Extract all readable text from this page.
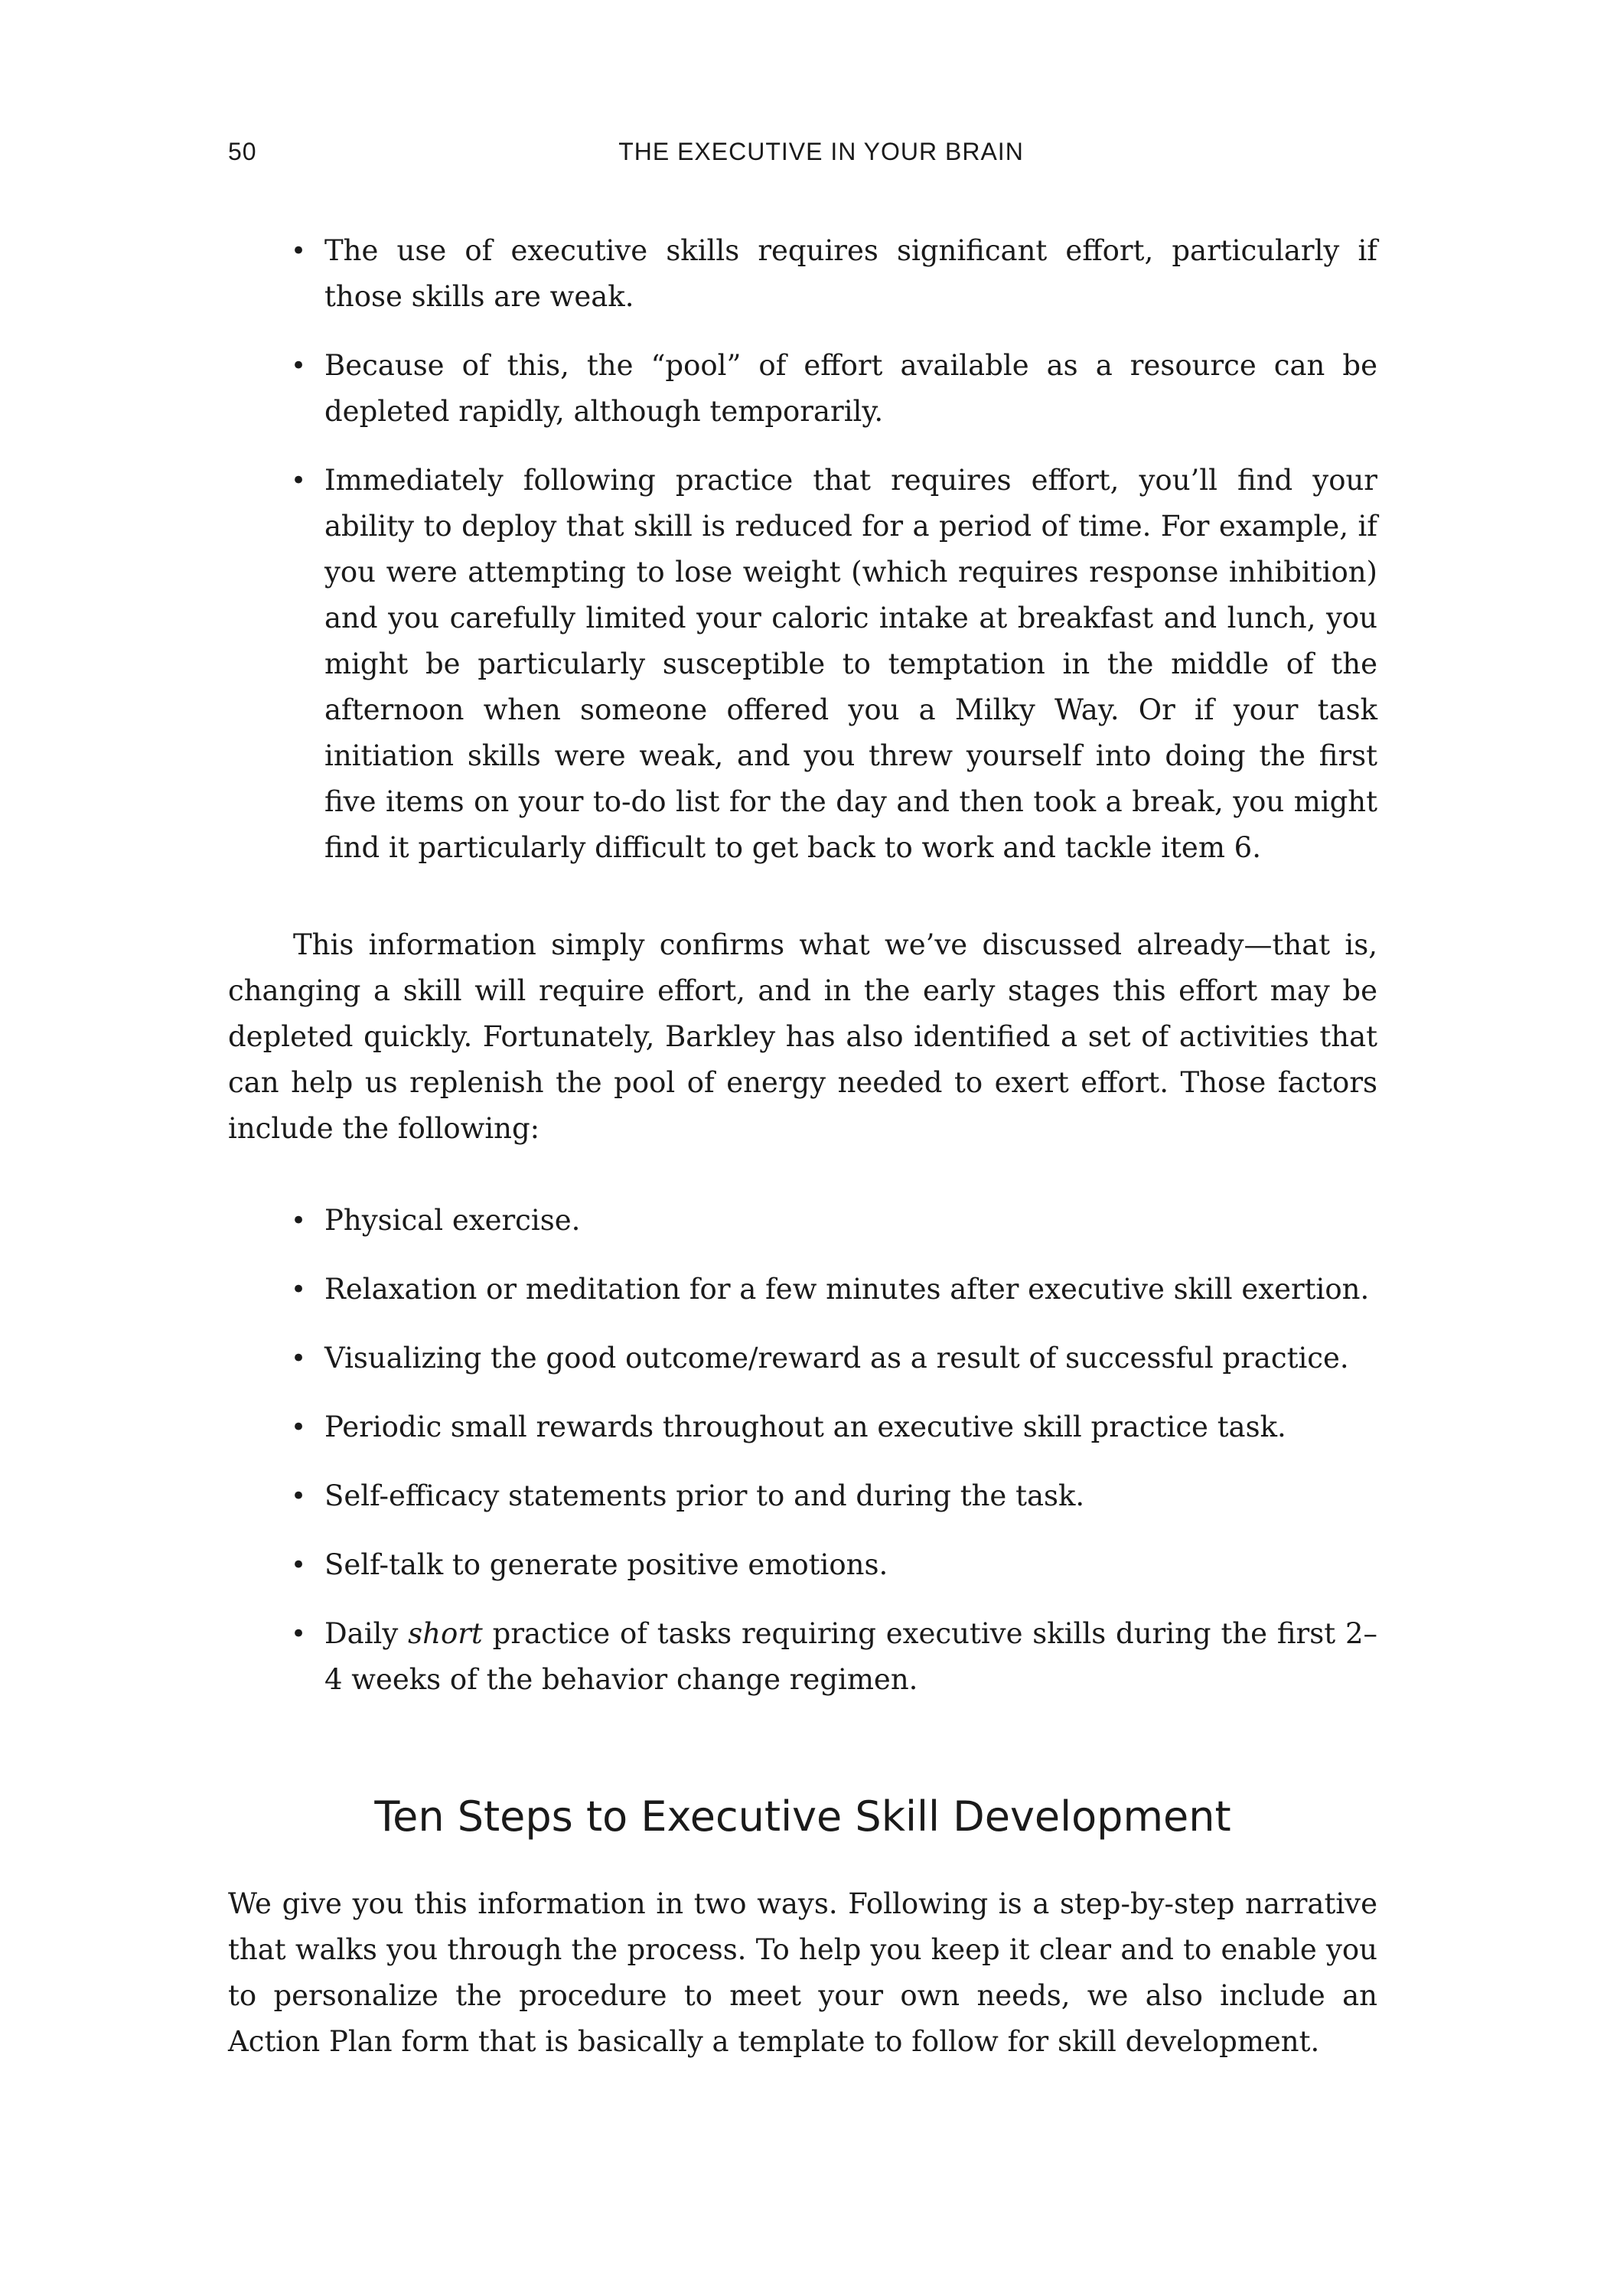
50	THE EXECUTIVE IN YOUR BRAIN
• The use of executive skills requires significant effort, particularly if those skills are weak.
• Because of this, the “pool” of effort available as a resource can be depleted rapidly, although temporarily.
• Immediately following practice that requires effort, you’ll find your ability to deploy that skill is reduced for a period of time. For example, if you were attempting to lose weight (which requires response inhibition) and you carefully limited your caloric intake at breakfast and lunch, you might be particularly susceptible to temptation in the middle of the afternoon when someone offered you a Milky Way. Or if your task initiation skills were weak, and you threw yourself into doing the first five items on your to-do list for the day and then took a break, you might find it particularly difficult to get back to work and tackle item 6.

This information simply confirms what we’ve discussed already—that is, changing a skill will require effort, and in the early stages this effort may be depleted quickly. Fortunately, Barkley has also identified a set of activities that can help us replenish the pool of energy needed to exert effort. Those factors include the following:

• Physical exercise.
• Relaxation or meditation for a few minutes after executive skill exertion.
• Visualizing the good outcome/reward as a result of successful practice.
• Periodic small rewards throughout an executive skill practice task.
• Self-efficacy statements prior to and during the task.
• Self-talk to generate positive emotions.
• Daily short practice of tasks requiring executive skills during the first 2–4 weeks of the behavior change regimen.
Ten Steps to Executive Skill Development

We give you this information in two ways. Following is a step-by-step narrative that walks you through the process. To help you keep it clear and to enable you to personalize the procedure to meet your own needs, we also include an Action Plan form that is basically a template to follow for skill development.
